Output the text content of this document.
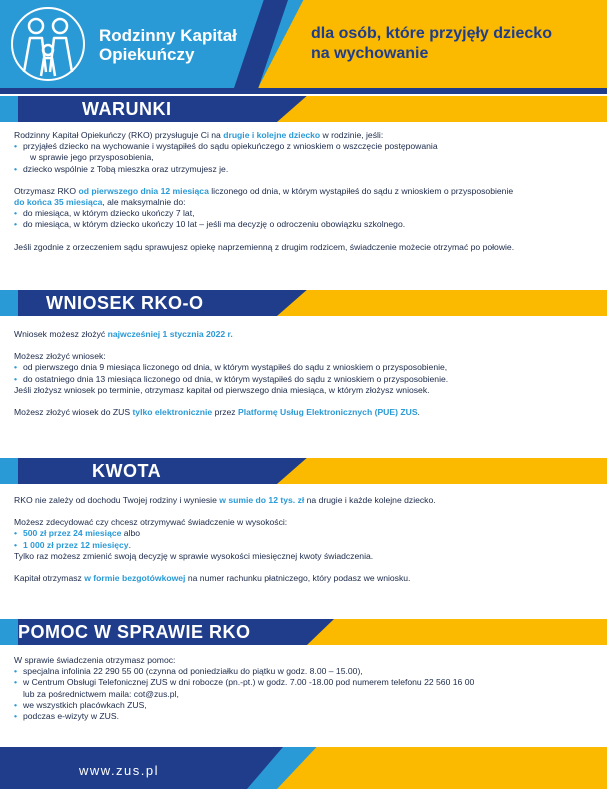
Rodzinny Kapitał
Opiekuńczy
dla osób, które przyjęły dziecko
na wychowanie
WARUNKI

Rodzinny Kapitał Opiekuńczy (RKO) przysługuje Ci na drugie i kolejne dziecko w rodzinie, jeśli:

• przyjąłeś dziecko na wychowanie i wystąpiłeś do sądu opiekuńczego z wnioskiem o wszczęcie postępowania
w sprawie jego przysposobienia,
• dziecko wspólnie z Tobą mieszka oraz utrzymujesz je.

Otrzymasz RKO od pierwszego dnia 12 miesiąca liczonego od dnia, w którym wystąpiłeś do sądu z wnioskiem o przysposobienie
do końca 35 miesiąca, ale maksymalnie do:

• do miesiąca, w którym dziecko ukończy 7 lat,
• do miesiąca, w którym dziecko ukończy 10 lat – jeśli ma decyzję o odroczeniu obowiązku szkolnego.

Jeśli zgodnie z orzeczeniem sądu sprawujesz opiekę naprzemienną z drugim rodzicem, świadczenie możecie otrzymać po połowie.

WNIOSEK RKO-O

Wniosek możesz złożyć najwcześniej 1 stycznia 2022 r.

Możesz złożyć wniosek:

• od pierwszego dnia 9 miesiąca liczonego od dnia, w którym wystąpiłeś do sądu z wnioskiem o przysposobienie,
• do ostatniego dnia 13 miesiąca liczonego od dnia, w którym wystąpiłeś do sądu z wnioskiem o przysposobienie.

Jeśli złożysz wniosek po terminie, otrzymasz kapitał od pierwszego dnia miesiąca, w którym złożysz wniosek.

Możesz złożyć wiosek do ZUS tylko elektronicznie przez Platformę Usług Elektronicznych (PUE) ZUS.

KWOTA

RKO nie zależy od dochodu Twojej rodziny i wyniesie w sumie do 12 tys. zł na drugie i każde kolejne dziecko.

Możesz zdecydować czy chcesz otrzymywać świadczenie w wysokości:

• 500 zł przez 24 miesiące albo
• 1 000 zł przez 12 miesięcy.

Tylko raz możesz zmienić swoją decyzję w sprawie wysokości miesięcznej kwoty świadczenia.

Kapitał otrzymasz w formie bezgotówkowej na numer rachunku płatniczego, który podasz we wniosku.

POMOC W SPRAWIE RKO

W sprawie świadczenia otrzymasz pomoc:

• specjalna infolinia 22 290 55 00 (czynna od poniedziałku do piątku w godz. 8.00 – 15.00),
• w Centrum Obsługi Telefonicznej ZUS w dni robocze (pn.-pt.) w godz. 7.00 -18.00 pod numerem telefonu 22 560 16 00
lub za pośrednictwem maila: cot@zus.pl,
• we wszystkich placówkach ZUS,
• podczas e-wizyty w ZUS.
www.zus.pl
